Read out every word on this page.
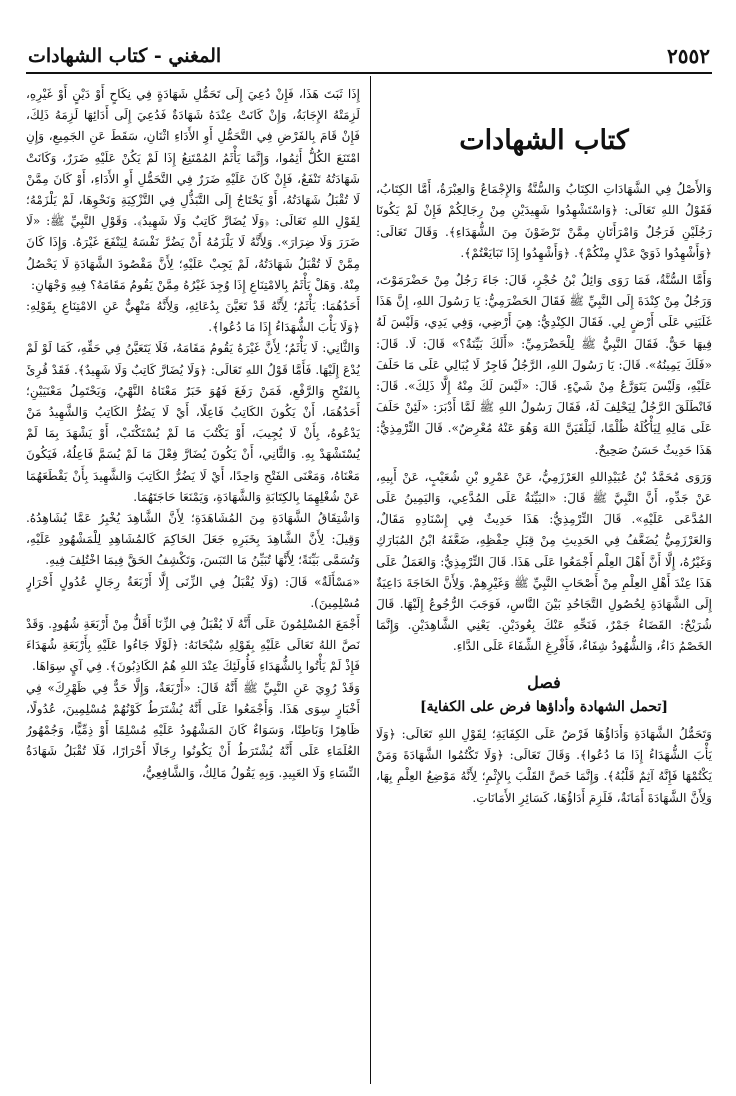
٢٥٥٢
المغني - كتاب الشهادات
كتاب الشهادات

وَالأَصْلُ فِي الشَّهَادَاتِ الكِتَابُ وَالسُّنَّةُ وَالإِجْمَاعُ وَالعِبْرَةُ، أَمَّا الكِتَابُ، فَقَوْلُ اللهِ تَعَالَى: ﴿وَاسْتَشْهِدُوا شَهِيدَيْنِ مِنْ رِجَالِكُمْ فَإِنْ لَمْ يَكُونَا رَجُلَيْنِ فَرَجُلٌ وَامْرَأَتَانِ مِمَّنْ تَرْضَوْنَ مِنَ الشُّهَدَاءِ﴾. وَقَالَ تَعَالَى: ﴿وَأَشْهِدُوا ذَوَيْ عَدْلٍ مِنْكُمْ﴾. ﴿وَأَشْهِدُوا إِذَا تَبَايَعْتُمْ﴾.

وَأَمَّا السُّنَّةُ، فَمَا رَوَى وَائِلُ بْنُ حُجْرٍ، قَالَ: جَاءَ رَجُلٌ مِنْ حَضْرَمَوْتَ، وَرَجُلٌ مِنْ كِنْدَةَ إِلَى النَّبِيِّ ﷺ فَقَالَ الحَضْرَمِيُّ: يَا رَسُولَ اللهِ، إِنَّ هَذَا غَلَبَنِي عَلَى أَرْضٍ لِي. فَقَالَ الكِنْدِيُّ: هِيَ أَرْضِي، وَفِي يَدِي، وَلَيْسَ لَهُ فِيهَا حَقٌّ. فَقَالَ النَّبِيُّ ﷺ لِلْحَضْرَمِيِّ: «أَلَكَ بَيِّنَةٌ؟» قَالَ: لَا. قَالَ: «فَلَكَ يَمِينُهُ». قَالَ: يَا رَسُولَ اللهِ، الرَّجُلُ فَاجِرٌ لَا يُبَالِي عَلَى مَا حَلَفَ عَلَيْهِ، وَلَيْسَ يَتَوَرَّعُ مِنْ شَيْءٍ. قَالَ: «لَيْسَ لَكَ مِنْهُ إِلَّا ذَلِكَ». قَالَ: فَانْطَلَقَ الرَّجُلُ لِيَحْلِفَ لَهُ، فَقَالَ رَسُولُ اللهِ ﷺ لَمَّا أَدْبَرَ: «لَئِنْ حَلَفَ عَلَى مَالِهِ لِيَأْكُلَهُ ظُلْمًا، لَيَلْقَيَنَّ اللهَ وَهُوَ عَنْهُ مُعْرِضٌ». قَالَ التِّرْمِذِيُّ: هَذَا حَدِيثٌ حَسَنٌ صَحِيحٌ.

وَرَوَى مُحَمَّدُ بْنُ عُبَيْدِاللهِ العَرْزَمِيُّ، عَنْ عَمْرِو بْنِ شُعَيْبٍ، عَنْ أَبِيهِ، عَنْ جَدِّهِ، أَنَّ النَّبِيَّ ﷺ قَالَ: «البَيِّنَةُ عَلَى المُدَّعِي، وَاليَمِينُ عَلَى المُدَّعَى عَلَيْهِ». قَالَ التِّرْمِذِيُّ: هَذَا حَدِيثٌ فِي إِسْنَادِهِ مَقَالٌ، وَالعَرْزَمِيُّ يُضَعَّفُ فِي الحَدِيثِ مِنْ قِبَلِ حِفْظِهِ، ضَعَّفَهُ ابْنُ المُبَارَكِ وَغَيْرُهُ، إِلَّا أَنَّ أَهْلَ العِلْمِ أَجْمَعُوا عَلَى هَذَا. قَالَ التِّرْمِذِيُّ: وَالعَمَلُ عَلَى هَذَا عِنْدَ أَهْلِ العِلْمِ مِنْ أَصْحَابِ النَّبِيِّ ﷺ وَغَيْرِهِمْ. وَلِأَنَّ الحَاجَةَ دَاعِيَةٌ إِلَى الشَّهَادَةِ لِحُصُولِ التَّجَاحُدِ بَيْنَ النَّاسِ، فَوَجَبَ الرُّجُوعُ إِلَيْهَا. قَالَ شُرَيْحٌ: القَضَاءُ جَمْرٌ، فَنَحِّهِ عَنْكَ بِعُودَيْنِ. يَعْنِي الشَّاهِدَيْنِ. وَإِنَّمَا الخَصْمُ دَاءٌ، وَالشُّهُودُ شِفَاءٌ، فَأَفْرِغِ الشِّفَاءَ عَلَى الدَّاءِ.

فصل
[تحمل الشهادة وأداؤها فرض على الكفاية]

وَتَحَمُّلُ الشَّهَادَةِ وَأَدَاؤُهَا فَرْضٌ عَلَى الكِفَايَةِ؛ لِقَوْلِ اللهِ تَعَالَى: ﴿وَلَا يَأْبَ الشُّهَدَاءُ إِذَا مَا دُعُوا﴾. وَقَالَ تَعَالَى: ﴿وَلَا تَكْتُمُوا الشَّهَادَةَ وَمَنْ يَكْتُمْهَا فَإِنَّهُ آثِمٌ قَلْبُهُ﴾. وَإِنَّمَا خَصَّ القَلْبَ بِالإِثْمِ؛ لِأَنَّهُ مَوْضِعُ العِلْمِ بِهَا، وَلِأَنَّ الشَّهَادَةَ أَمَانَةٌ، فَلَزِمَ أَدَاؤُهَا، كَسَائِرِ الأَمَانَاتِ.

إِذَا ثَبَتَ هَذَا، فَإِنْ دُعِيَ إِلَى تَحَمُّلِ شَهَادَةٍ فِي نِكَاحٍ أَوْ دَيْنٍ أَوْ غَيْرِهِ، لَزِمَتْهُ الإِجَابَةُ، وَإِنْ كَانَتْ عِنْدَهُ شَهَادَةٌ فَدُعِيَ إِلَى أَدَائِهَا لَزِمَهُ ذَلِكَ، فَإِنْ قَامَ بِالفَرْضِ فِي التَّحَمُّلِ أَوِ الأَدَاءِ اثْنَانِ، سَقَطَ عَنِ الجَمِيعِ، وَإِنِ امْتَنَعَ الكُلُّ أَثِمُوا، وَإِنَّمَا يَأْثَمُ المُمْتَنِعُ إِذَا لَمْ يَكُنْ عَلَيْهِ ضَرَرٌ، وَكَانَتْ شَهَادَتُهُ تَنْفَعُ، فَإِنْ كَانَ عَلَيْهِ ضَرَرٌ فِي التَّحَمُّلِ أَوِ الأَدَاءِ، أَوْ كَانَ مِمَّنْ لَا تُقْبَلُ شَهَادَتُهُ، أَوْ يَحْتَاجُ إِلَى التَّبَذُّلِ فِي التَّزْكِيَةِ وَنَحْوِهَا، لَمْ يَلْزَمْهُ؛ لِقَوْلِ اللهِ تَعَالَى: ﴿وَلَا يُضَارَّ كَاتِبٌ وَلَا شَهِيدٌ﴾. وَقَوْلِ النَّبِيِّ ﷺ: «لَا ضَرَرَ وَلَا ضِرَارَ». وَلِأَنَّهُ لَا يَلْزَمُهُ أَنْ يَضُرَّ نَفْسَهُ لِيَنْفَعَ غَيْرَهُ. وَإِذَا كَانَ مِمَّنْ لَا تُقْبَلُ شَهَادَتُهُ، لَمْ يَجِبْ عَلَيْهِ؛ لِأَنَّ مَقْصُودَ الشَّهَادَةِ لَا يَحْصُلُ مِنْهُ. وَهَلْ يَأْثَمُ بِالامْتِنَاعِ إِذَا وُجِدَ غَيْرُهُ مِمَّنْ يَقُومُ مَقَامَهُ؟ فِيهِ وَجْهَانِ:

أَحَدُهُمَا: يَأْثَمُ؛ لِأَنَّهُ قَدْ تَعَيَّنَ بِدُعَائِهِ، وَلِأَنَّهُ مَنْهِيٌّ عَنِ الامْتِنَاعِ بِقَوْلِهِ: ﴿وَلَا يَأْبَ الشُّهَدَاءُ إِذَا مَا دُعُوا﴾.

وَالثَّانِي: لَا يَأْثَمُ؛ لِأَنَّ غَيْرَهُ يَقُومُ مَقَامَهُ، فَلَا يَتَعَيَّنُ فِي حَقِّهِ، كَمَا لَوْ لَمْ يُدْعَ إِلَيْهَا. فَأَمَّا قَوْلُ اللهِ تَعَالَى: ﴿وَلَا يُضَارَّ كَاتِبٌ وَلَا شَهِيدٌ﴾. فَقَدْ قُرِئَ بِالفَتْحِ وَالرَّفْعِ، فَمَنْ رَفَعَ فَهُوَ خَبَرٌ مَعْنَاهُ النَّهْيُ، وَيَحْتَمِلُ مَعْنَيَيْنِ؛ أَحَدُهُمَا، أَنْ يَكُونَ الكَاتِبُ فَاعِلًا، أَيْ لَا يَضُرُّ الكَاتِبُ وَالشَّهِيدُ مَنْ يَدْعُوهُ، بِأَنْ لَا يُجِيبَ، أَوْ يَكْتُبَ مَا لَمْ يُسْتَكْتَبْ، أَوْ يَشْهَدَ بِمَا لَمْ يُسْتَشْهَدْ بِهِ. وَالثَّانِي، أَنْ يَكُونَ يُضَارَّ فِعْلَ مَا لَمْ يُسَمَّ فَاعِلُهُ، فَيَكُونَ مَعْنَاهُ، وَمَعْنَى الفَتْحِ وَاحِدًا، أَيْ لَا يَضُرُّ الكَاتِبَ وَالشَّهِيدَ بِأَنْ يَقْطَعَهُمَا عَنْ شُغْلِهِمَا بِالكِتَابَةِ وَالشَّهَادَةِ، وَيَمْنَعَا حَاجَتَهُمَا.

وَاشْتِقَاقُ الشَّهَادَةِ مِنَ المُشَاهَدَةِ؛ لِأَنَّ الشَّاهِدَ يُخْبِرُ عَمَّا يُشَاهِدُهُ. وَقِيلَ: لِأَنَّ الشَّاهِدَ بِخَبَرِهِ جَعَلَ الحَاكِمَ كَالمُشَاهِدِ لِلْمَشْهُودِ عَلَيْهِ، وَتُسَمَّى بَيِّنَةً؛ لِأَنَّهَا تُبَيِّنُ مَا التَبَسَ، وَتَكْشِفُ الحَقَّ فِيمَا اخْتُلِفَ فِيهِ.

«مَسْأَلَةٌ» قَالَ: (وَلَا يُقْبَلُ فِي الزِّنَى إِلَّا أَرْبَعَةُ رِجَالٍ عُدُولٍ أَحْرَارٍ مُسْلِمِينَ).

أَجْمَعَ المُسْلِمُونَ عَلَى أَنَّهُ لَا يُقْبَلُ فِي الزِّنَا أَقَلُّ مِنْ أَرْبَعَةِ شُهُودٍ. وَقَدْ نَصَّ اللهُ تَعَالَى عَلَيْهِ بِقَوْلِهِ سُبْحَانَهُ: ﴿لَوْلَا جَاءُوا عَلَيْهِ بِأَرْبَعَةِ شُهَدَاءَ فَإِذْ لَمْ يَأْتُوا بِالشُّهَدَاءِ فَأُولَئِكَ عِنْدَ اللهِ هُمُ الكَاذِبُونَ﴾. فِي آيٍ سِوَاهَا.

وَقَدْ رُوِيَ عَنِ النَّبِيِّ ﷺ أَنَّهُ قَالَ: «أَرْبَعَةٌ، وَإِلَّا حَدٌّ فِي ظَهْرِكَ» فِي أَخْبَارٍ سِوَى هَذَا. وَأَجْمَعُوا عَلَى أَنَّهُ يُشْتَرَطُ كَوْنُهُمْ مُسْلِمِينَ، عُدُولًا، ظَاهِرًا وَبَاطِنًا، وَسَوَاءٌ كَانَ المَشْهُودُ عَلَيْهِ مُسْلِمًا أَوْ ذِمِّيًّا، وَجُمْهُورُ العُلَمَاءِ عَلَى أَنَّهُ يُشْتَرَطُ أَنْ يَكُونُوا رِجَالًا أَحْرَارًا، فَلَا تُقْبَلُ شَهَادَةُ النِّسَاءِ وَلَا العَبِيدِ. وَبِهِ يَقُولُ مَالِكٌ، وَالشَّافِعِيُّ،
